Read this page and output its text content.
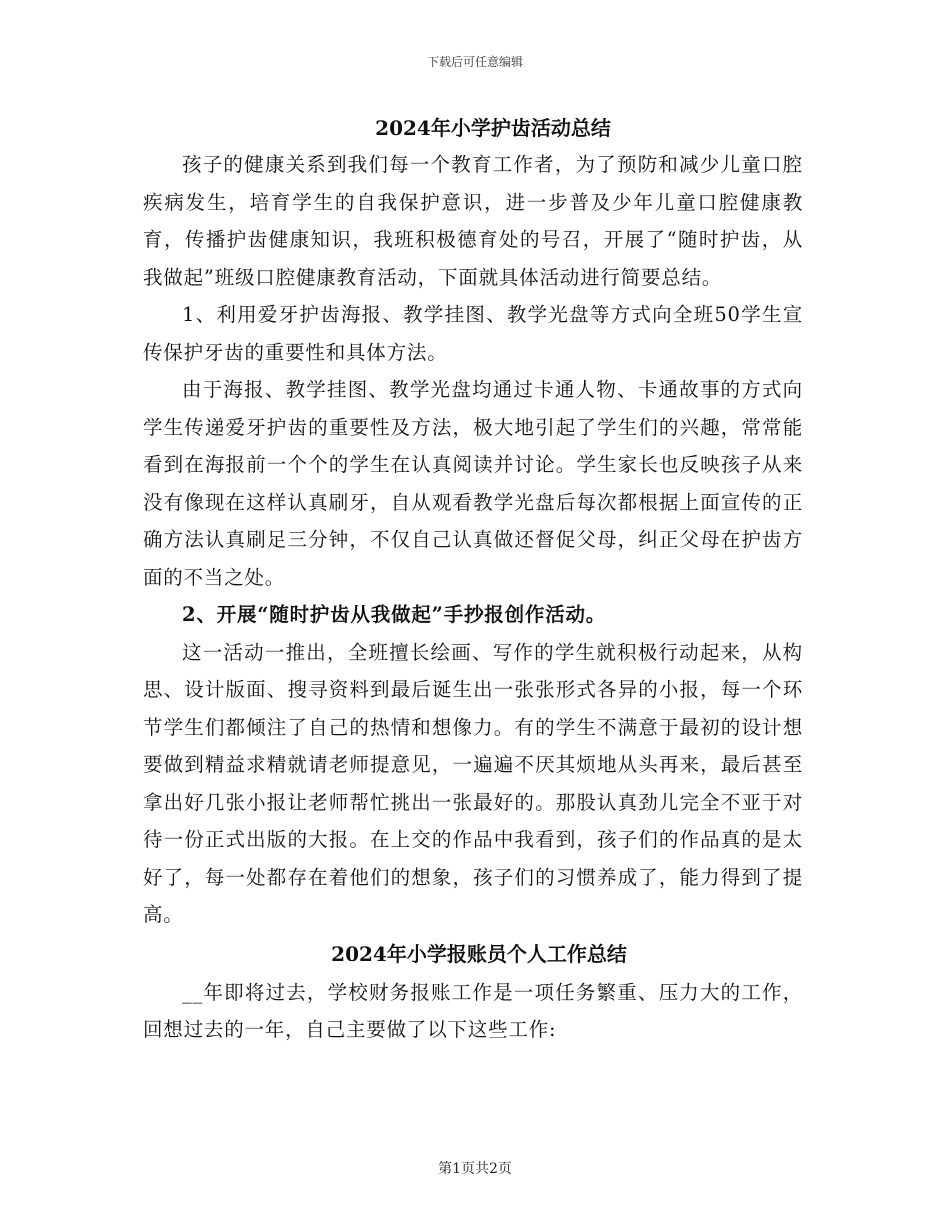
下载后可任意编辑
2024年小学护齿活动总结

孩子的健康关系到我们每一个教育工作者，为了预防和减少儿童口腔疾病发生，培育学生的自我保护意识，进一步普及少年儿童口腔健康教育，传播护齿健康知识，我班积极德育处的号召，开展了“随时护齿，从我做起”班级口腔健康教育活动，下面就具体活动进行简要总结。

1、利用爱牙护齿海报、教学挂图、教学光盘等方式向全班50学生宣传保护牙齿的重要性和具体方法。

由于海报、教学挂图、教学光盘均通过卡通人物、卡通故事的方式向学生传递爱牙护齿的重要性及方法，极大地引起了学生们的兴趣，常常能看到在海报前一个个的学生在认真阅读并讨论。学生家长也反映孩子从来没有像现在这样认真刷牙，自从观看教学光盘后每次都根据上面宣传的正确方法认真刷足三分钟，不仅自己认真做还督促父母，纠正父母在护齿方面的不当之处。

2、开展“随时护齿从我做起”手抄报创作活动。

这一活动一推出，全班擅长绘画、写作的学生就积极行动起来，从构思、设计版面、搜寻资料到最后诞生出一张张形式各异的小报，每一个环节学生们都倾注了自己的热情和想像力。有的学生不满意于最初的设计想要做到精益求精就请老师提意见，一遍遍不厌其烦地从头再来，最后甚至拿出好几张小报让老师帮忙挑出一张最好的。那股认真劲儿完全不亚于对待一份正式出版的大报。在上交的作品中我看到，孩子们的作品真的是太好了，每一处都存在着他们的想象，孩子们的习惯养成了，能力得到了提高。

2024年小学报账员个人工作总结

__年即将过去，学校财务报账工作是一项任务繁重、压力大的工作，回想过去的一年，自己主要做了以下这些工作:

第1页共2页
